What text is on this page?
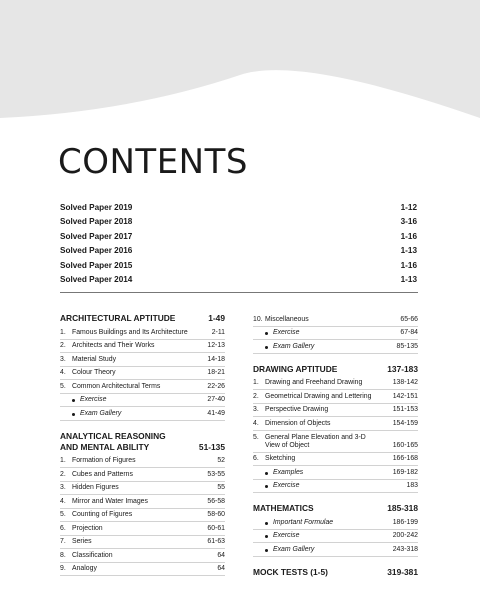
CONTENTS
Solved Paper 2019	1-12
Solved Paper 2018	3-16
Solved Paper 2017	1-16
Solved Paper 2016	1-13
Solved Paper 2015	1-16
Solved Paper 2014	1-13
ARCHITECTURAL APTITUDE	1-49
1. Famous Buildings and Its Architecture	2-11
2. Architects and Their Works	12-13
3. Material Study	14-18
4. Colour Theory	18-21
5. Common Architectural Terms	22-26
Exercise	27-40
Exam Gallery	41-49
ANALYTICAL REASONING
AND MENTAL ABILITY	51-135
1. Formation of Figures	52
2. Cubes and Patterns	53-55
3. Hidden Figures	55
4. Mirror and Water Images	56-58
5. Counting of Figures	58-60
6. Projection	60-61
7. Series	61-63
8. Classification	64
9. Analogy	64
10. Miscellaneous	65-66
Exercise	67-84
Exam Gallery	85-135
DRAWING APTITUDE	137-183
1. Drawing and Freehand Drawing	138-142
2. Geometrical Drawing and Lettering	142-151
3. Perspective Drawing	151-153
4. Dimension of Objects	154-159
5. General Plane Elevation and 3-D View of Object	160-165
6. Sketching	166-168
Examples	169-182
Exercise	183
MATHEMATICS	185-318
Important Formulae	186-199
Exercise	200-242
Exam Gallery	243-318
MOCK TESTS (1-5)	319-381
